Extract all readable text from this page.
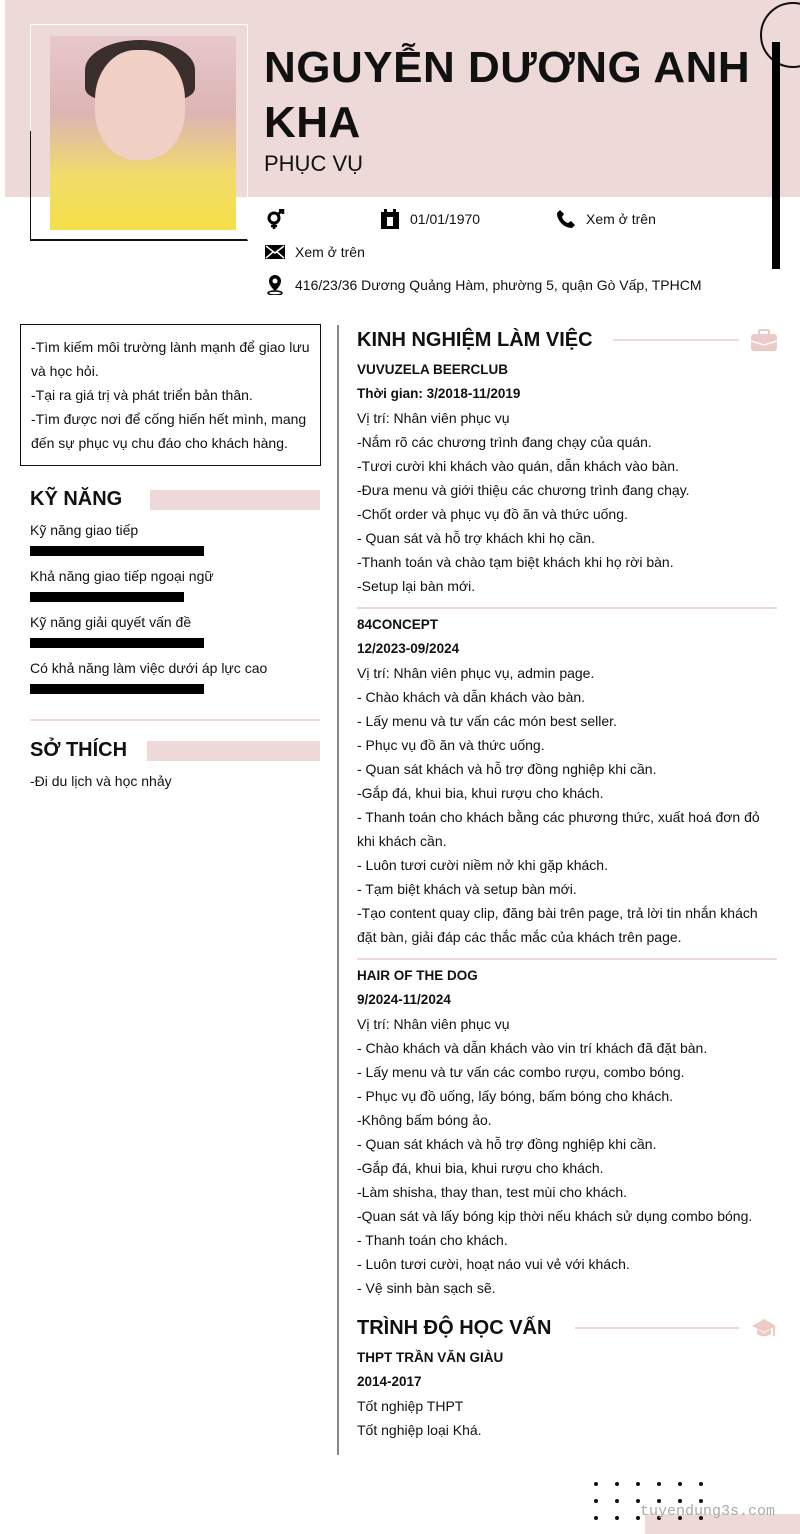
NGUYỄN DƯƠNG ANH KHA
PHỤC VỤ
01/01/1970	Xem ở trên
Xem ở trên
416/23/36 Dương Quảng Hàm, phường 5, quận Gò Vấp, TPHCM
-Tìm kiếm môi trường lành mạnh để giao lưu và học hỏi.
-Tại ra giá trị và phát triển bản thân.
-Tìm được nơi để cống hiến hết mình, mang đến sự phục vụ chu đáo cho khách hàng.
KỸ NĂNG
Kỹ năng giao tiếp
Khả năng giao tiếp ngoại ngữ
Kỹ năng giải quyết vấn đề
Có khả năng làm việc dưới áp lực cao
SỞ THÍCH
-Đi du lịch và học nhảy
KINH NGHIỆM LÀM VIỆC
VUVUZELA BEERCLUB
Thời gian: 3/2018-11/2019
Vị trí: Nhân viên phục vụ
-Nắm rõ các chương trình đang chạy của quán.
-Tươi cười khi khách vào quán, dẫn khách vào bàn.
-Đưa menu và giới thiệu các chương trình đang chạy.
-Chốt order và phục vụ đồ ăn và thức uống.
- Quan sát và hỗ trợ khách khi họ cần.
-Thanh toán và chào tạm biệt khách khi họ rời bàn.
-Setup lại bàn mới.
84CONCEPT
12/2023-09/2024
Vị trí: Nhân viên phục vụ, admin page.
- Chào khách và dẫn khách vào bàn.
- Lấy menu và tư vấn các món best seller.
- Phục vụ đồ ăn và thức uống.
- Quan sát khách và hỗ trợ đồng nghiệp khi cần.
-Gắp đá, khui bia, khui rượu cho khách.
- Thanh toán cho khách bằng các phương thức, xuất hoá đơn đỏ khi khách cần.
- Luôn tươi cười niềm nở khi gặp khách.
- Tạm biệt khách và setup bàn mới.
-Tạo content quay clip, đăng bài trên page, trả lời tin nhắn khách đặt bàn, giải đáp các thắc mắc của khách trên page.
HAIR OF THE DOG
9/2024-11/2024
Vị trí: Nhân viên phục vụ
- Chào khách và dẫn khách vào vin trí khách đã đặt bàn.
- Lấy menu và tư vấn các combo rượu, combo bóng.
- Phục vụ đồ uống, lấy bóng, bấm bóng cho khách.
-Không bấm bóng ảo.
- Quan sát khách và hỗ trợ đồng nghiệp khi cần.
-Gắp đá, khui bia, khui rượu cho khách.
-Làm shisha, thay than, test mùi cho khách.
-Quan sát và lấy bóng kịp thời nếu khách sử dụng combo bóng.
- Thanh toán cho khách.
- Luôn tươi cười, hoạt náo vui vẻ với khách.
- Vệ sinh bàn sạch sẽ.
TRÌNH ĐỘ HỌC VẤN
THPT TRẦN VĂN GIÀU
2014-2017
Tốt nghiệp THPT
Tốt nghiệp loại Khá.
tuyendung3s.com
